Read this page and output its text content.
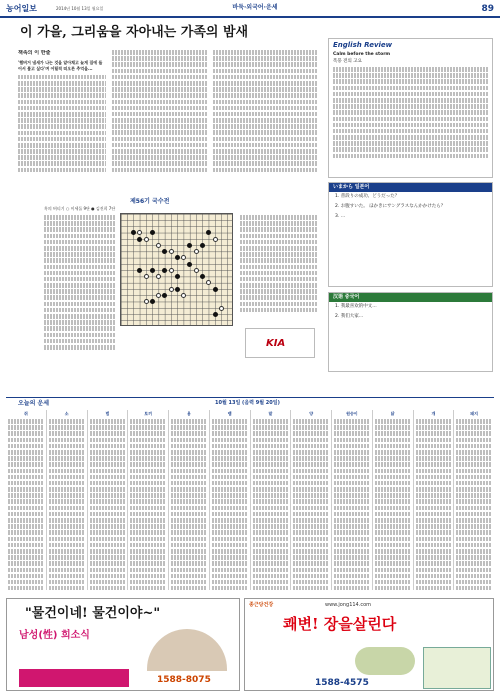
농어일보	2014년 10월 13일 월요일	바둑·외국어·운세	89
이 가을, 그리움을 자아내는 가족의 밤새
책속의 이 한줄
'햄버거 냄새가 나는 것을 알아채고 늦게 집에 들어서 불고 싶다'며 어릴적 떠오른 추억을...
English Review
Calm before the storm
폭풍 전의 고요
いまから 일본어
1. 普段りの成功、どうだった？
2. お腹すいた。 ほかきにサングラスなんかかけたら？
3. …
汉语 중국어
1. 我最喜欢的中文…
2. 我们大家…
제56기 국수전
흑의 버티기 ○ 이세돌 9단 ● 김진희 7단
KIA
오늘의 운세	10월 13일 (음력 9월 20일)
쥐	소	범	토끼	용	뱀	말	양	원숭이	닭	개	돼지
"물건이네! 물건이야~"
남성(性) 희소식
1588-8075
종근당건강	www.jong114.com
쾌변! 장을살린다
1588-4575
